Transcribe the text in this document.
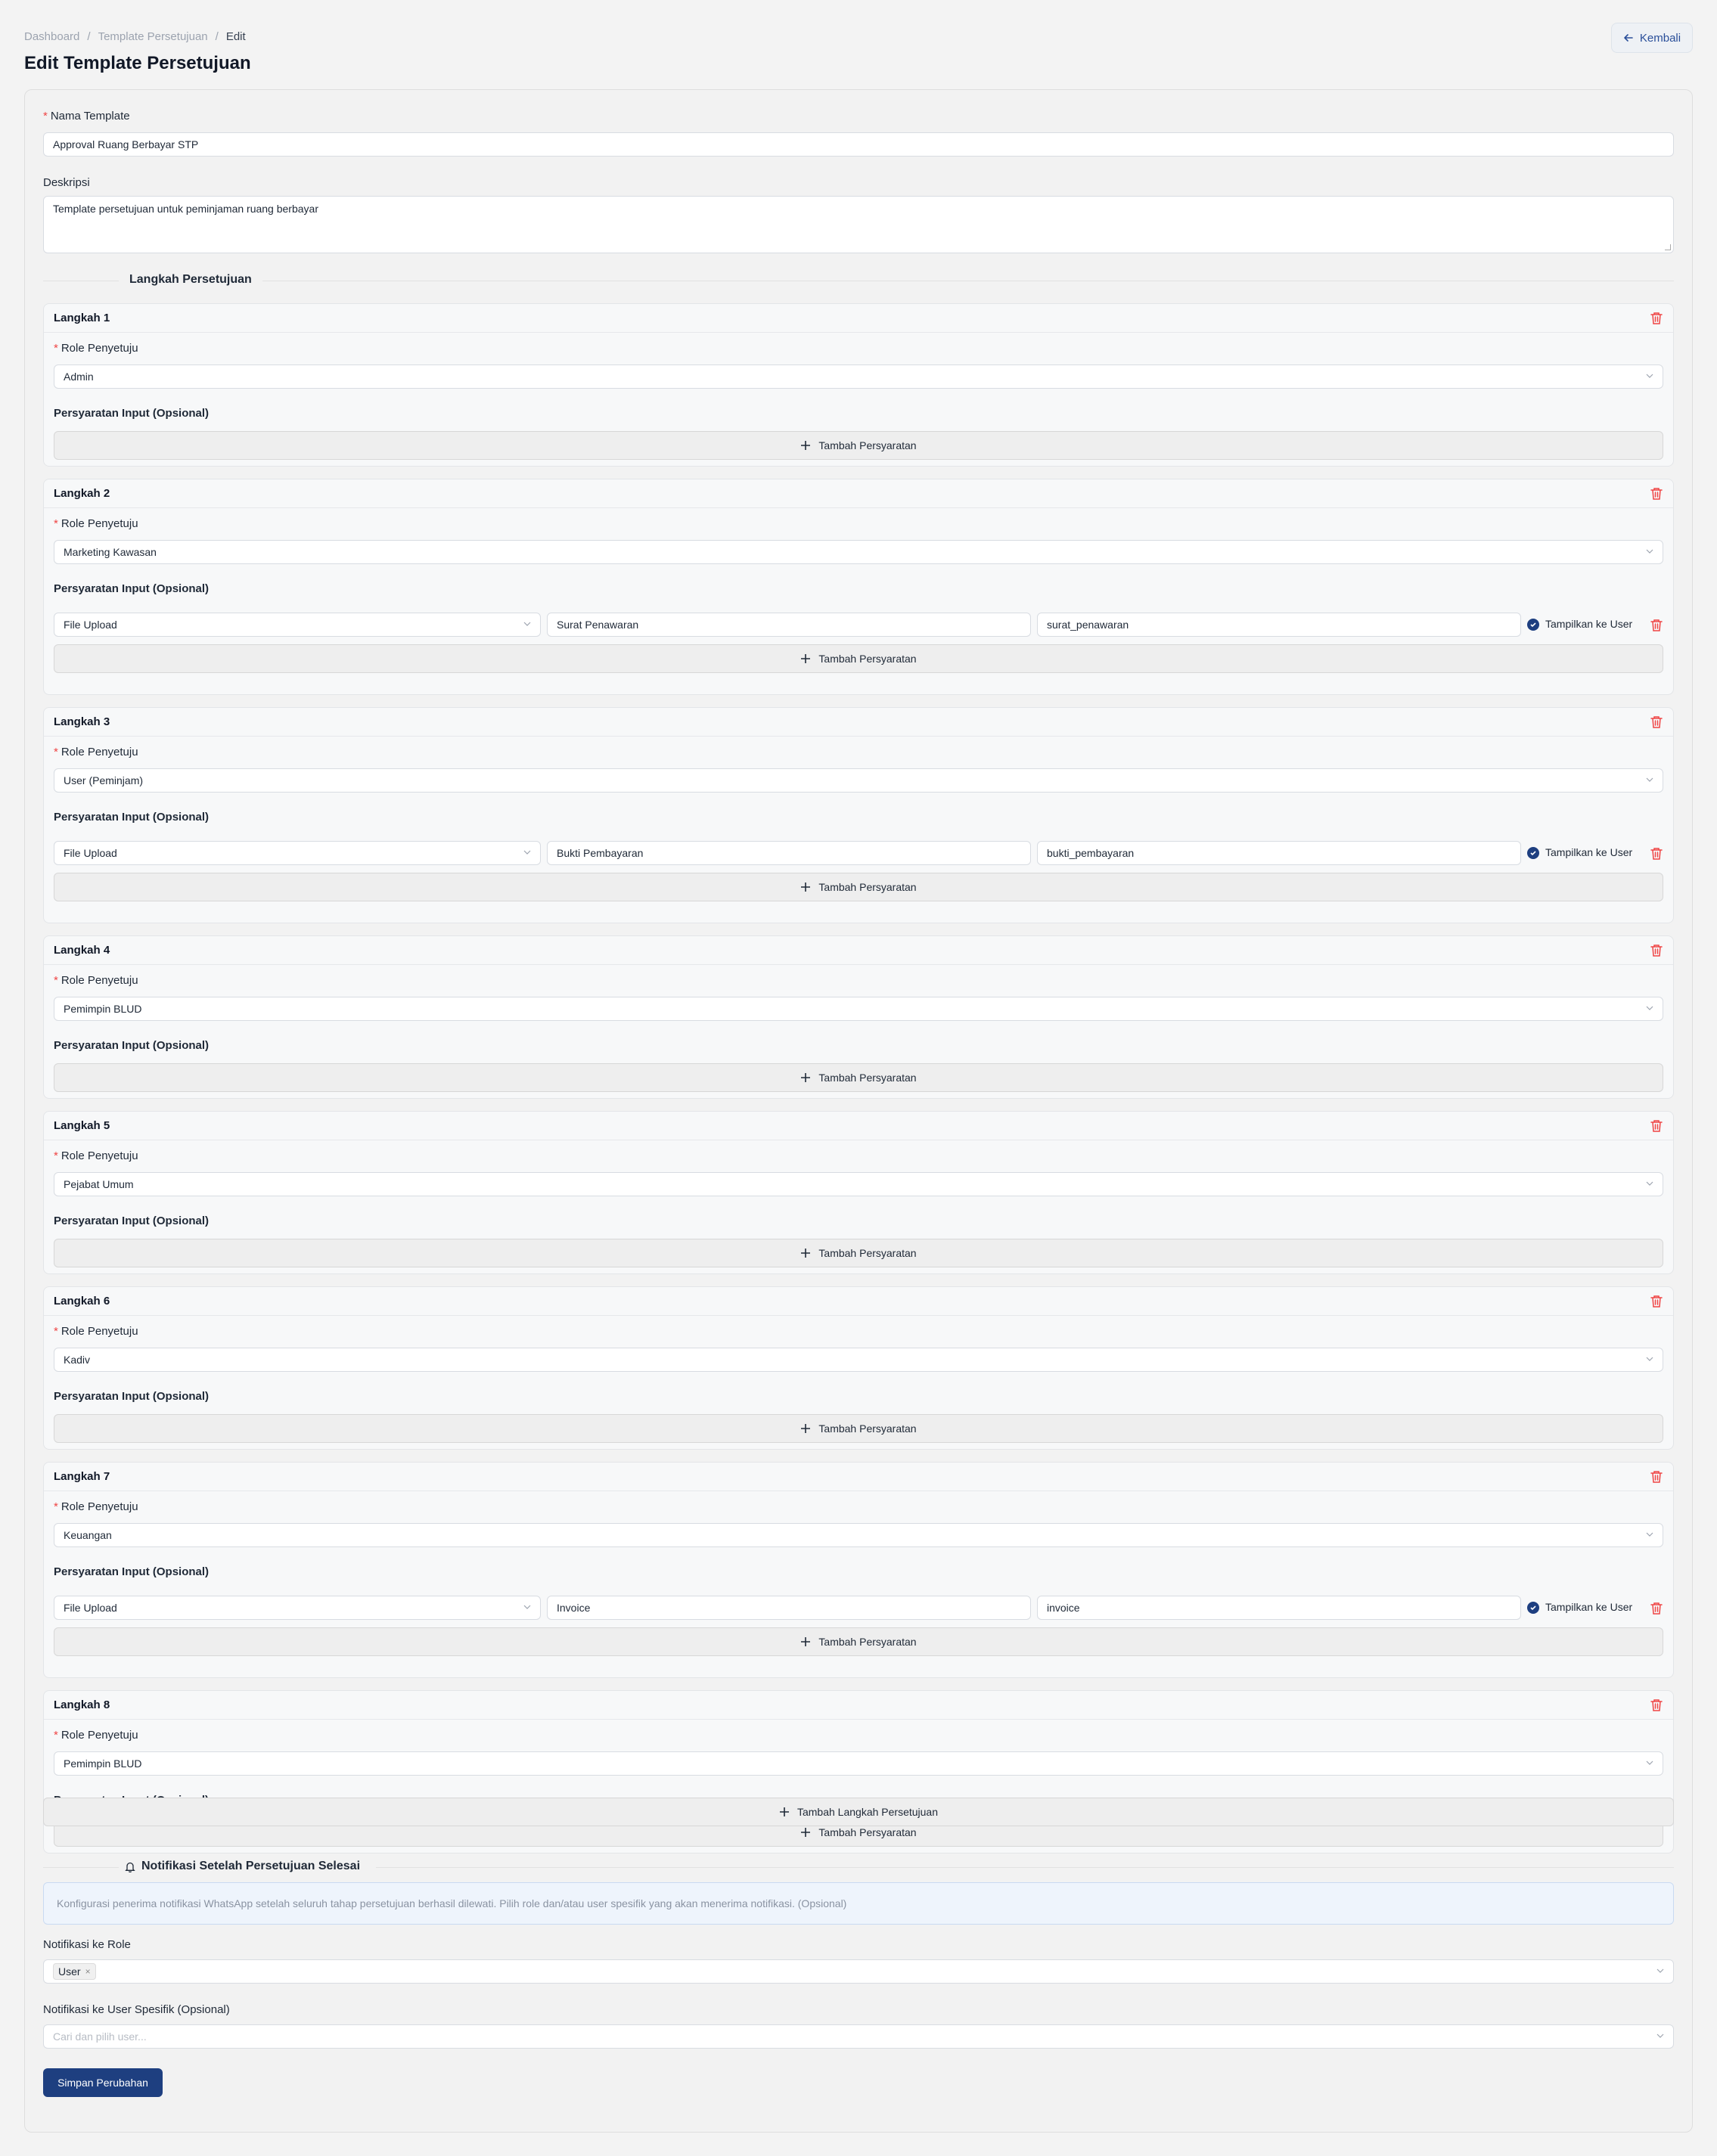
Dashboard / Template Persetujuan / Edit
Edit Template Persetujuan
Kembali
* Nama Template
Approval Ruang Berbayar STP
Deskripsi
Template persetujuan untuk peminjaman ruang berbayar
Langkah Persetujuan
Langkah 1
* Role Penyetuju
Admin
Persyaratan Input (Opsional)
Tambah Persyaratan
Langkah 2
* Role Penyetuju
Marketing Kawasan
Persyaratan Input (Opsional)
File Upload	Surat Penawaran	surat_penawaran	Tampilkan ke User
Tambah Persyaratan
Langkah 3
* Role Penyetuju
User (Peminjam)
Persyaratan Input (Opsional)
File Upload	Bukti Pembayaran	bukti_pembayaran	Tampilkan ke User
Tambah Persyaratan
Langkah 4
* Role Penyetuju
Pemimpin BLUD
Persyaratan Input (Opsional)
Tambah Persyaratan
Langkah 5
* Role Penyetuju
Pejabat Umum
Persyaratan Input (Opsional)
Tambah Persyaratan
Langkah 6
* Role Penyetuju
Kadiv
Persyaratan Input (Opsional)
Tambah Persyaratan
Langkah 7
* Role Penyetuju
Keuangan
Persyaratan Input (Opsional)
File Upload	Invoice	invoice	Tampilkan ke User
Tambah Persyaratan
Langkah 8
* Role Penyetuju
Pemimpin BLUD
Tambah Persyaratan
Tambah Langkah Persetujuan
Notifikasi Setelah Persetujuan Selesai
Konfigurasi penerima notifikasi WhatsApp setelah seluruh tahap persetujuan berhasil dilewati. Pilih role dan/atau user spesifik yang akan menerima notifikasi. (Opsional)
Notifikasi ke Role
User ×
Notifikasi ke User Spesifik (Opsional)
Cari dan pilih user...
Simpan Perubahan
